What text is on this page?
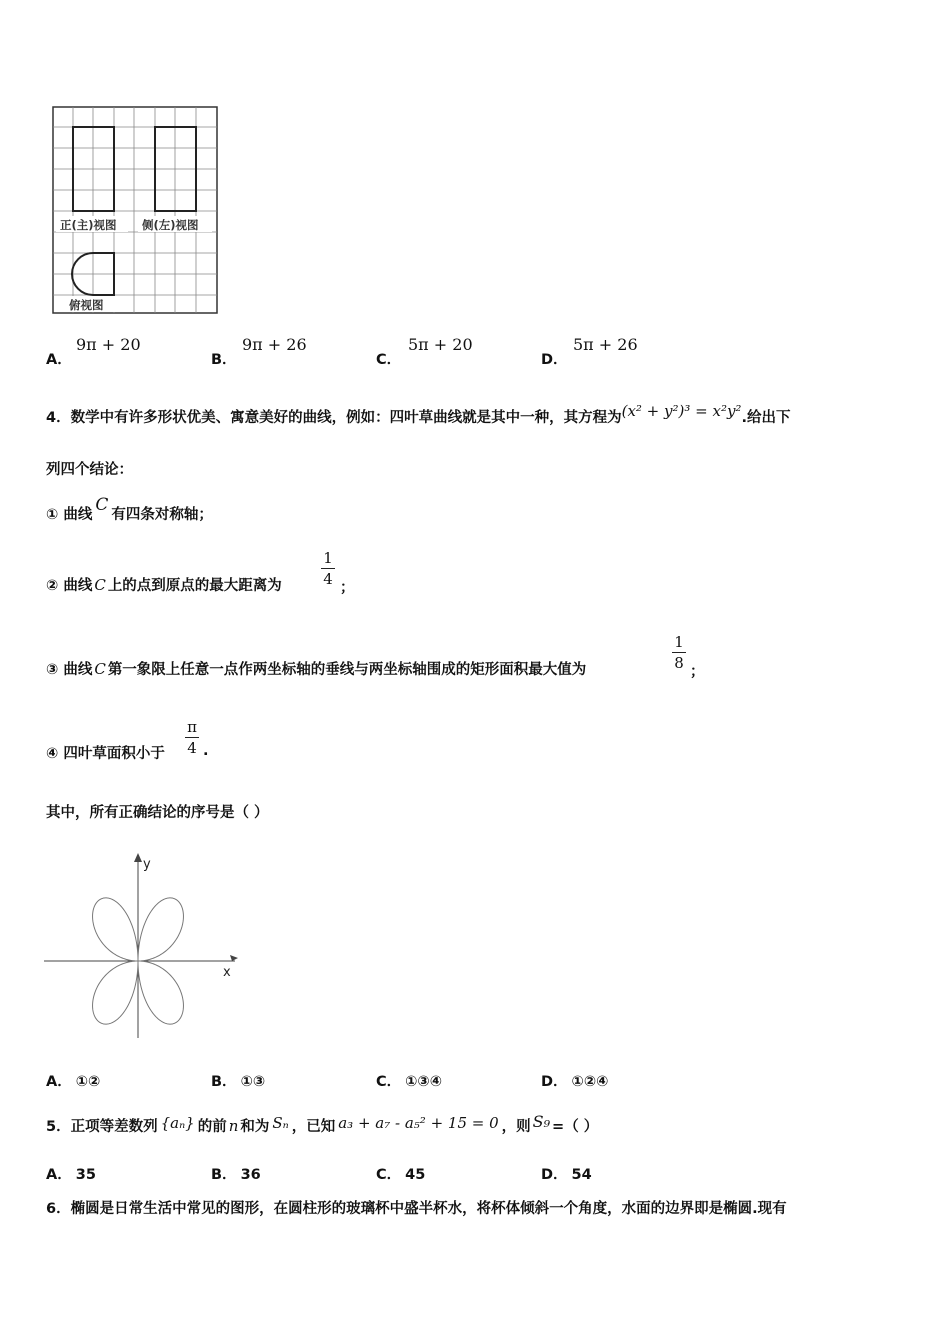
正(主)视图 侧(左)视图
俯视图
A．
9π + 20
B．
9π + 26
C．
5π + 20
D．
5π + 26
4．数学中有许多形状优美、寓意美好的曲线，例如：四叶草曲线就是其中一种，其方程为(x² + y²)³ = x²y².给出下
列四个结论：
① 曲线 C 有四条对称轴；
② 曲线 C 上的点到原点的最大距离为
1
4 ；
③ 曲线 C 第一象限上任意一点作两坐标轴的垂线与两坐标轴围成的矩形面积最大值为
1
8 ；
④ 四叶草面积小于
π
4 .
其中，所有正确结论的序号是（ ）
y
x
A． ①②	B． ①③	C． ①③④	D． ①②④
5．正项等差数列 {aₙ} 的前 n 和为 Sₙ ，已知 a₃ + a₇ - a₅² + 15 = 0 ，则 S₉ =（ ）
A． 35	B． 36	C． 45	D． 54
6．椭圆是日常生活中常见的图形，在圆柱形的玻璃杯中盛半杯水，将杯体倾斜一个角度，水面的边界即是椭圆.现有
